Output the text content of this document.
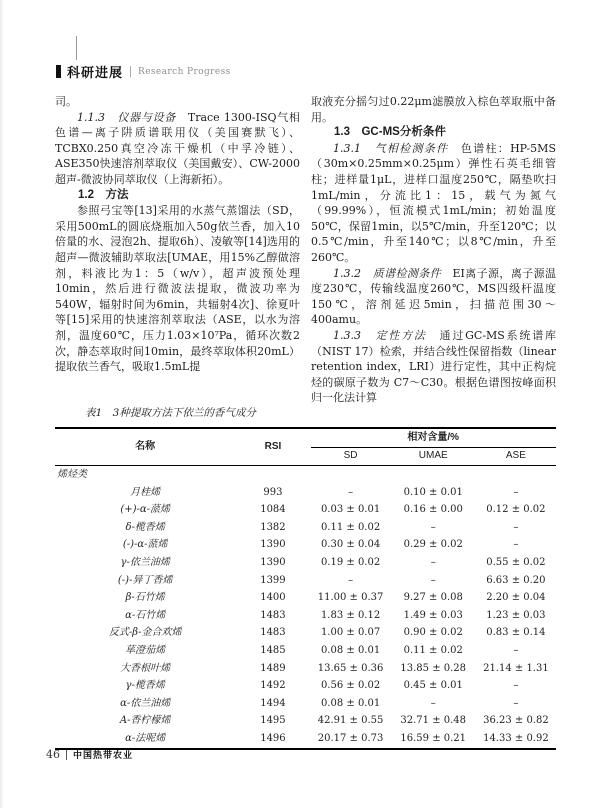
科研进展 Research Progress

司。

1.1.3　仪器与设备　Trace 1300-ISQ气相色谱—离子阱质谱联用仪（美国赛默飞）、TCBX0.250真空冷冻干燥机（中孚冷链）、ASE350快速溶剂萃取仪（美国戴安）、CW-2000超声-微波协同萃取仪（上海新拓）。

1.2　方法

参照弓宝等[13]采用的水蒸气蒸馏法（SD，采用500mL的圆底烧瓶加入50g依兰香，加入10倍量的水、浸泡2h、提取6h）、凌敏等[14]选用的超声—微波辅助萃取法[UMAE，用15%乙醇做溶剂，料液比为1：5（w/v），超声波预处理10min，然后进行微波法提取，微波功率为540W，辐射时间为6min，共辐射4次]、徐夏叶等[15]采用的快速溶剂萃取法（ASE，以水为溶剂，温度60℃，压力1.03×10⁷Pa，循环次数2次，静态萃取时间10min，最终萃取体积20mL）提取依兰香气，吸取1.5mL提

取液充分摇匀过0.22μm滤膜放入棕色萃取瓶中备用。

1.3　GC-MS分析条件

1.3.1　气相检测条件　色谱柱：HP-5MS（30m×0.25mm×0.25μm）弹性石英毛细管柱；进样量1μL，进样口温度250℃，隔垫吹扫1mL/min，分流比1：15，载气为氮气（99.99%），恒流模式1mL/min；初始温度50℃，保留1min，以5℃/min，升至120℃；以0.5℃/min，升至140℃；以8℃/min，升至260℃。

1.3.2　质谱检测条件　EI离子源，离子源温度230℃，传输线温度260℃，MS四级杆温度150℃，溶剂延迟5min，扫描范围30～400amu。

1.3.3　定性方法　通过GC-MS系统谱库（NIST 17）检索，并结合线性保留指数（linear retention index，LRI）进行定性，其中正构烷烃的碳原子数为 C7～C30。根据色谱图按峰面积归一化法计算

表1　3种提取方法下依兰的香气成分

名称	RSI	相对含量/%		
		SD	UMAE	ASE
烯烃类				
月桂烯	993	–	0.10 ± 0.01	–
(+)-α-蒎烯	1084	0.03 ± 0.01	0.16 ± 0.00	0.12 ± 0.02
δ-榄香烯	1382	0.11 ± 0.02	–	–
(-)-α-蒎烯	1390	0.30 ± 0.04	0.29 ± 0.02	–
γ-依兰油烯	1390	0.19 ± 0.02	–	0.55 ± 0.02
(-)-异丁香烯	1399	–	–	6.63 ± 0.20
β-石竹烯	1400	11.00 ± 0.37	9.27 ± 0.08	2.20 ± 0.04
α-石竹烯	1483	1.83 ± 0.12	1.49 ± 0.03	1.23 ± 0.03
反式-β-金合欢烯	1483	1.00 ± 0.07	0.90 ± 0.02	0.83 ± 0.14
荜澄茄烯	1485	0.08 ± 0.01	0.11 ± 0.02	–
大香根叶烯	1489	13.65 ± 0.36	13.85 ± 0.28	21.14 ± 1.31
γ-榄香烯	1492	0.56 ± 0.02	0.45 ± 0.01	–
α-依兰油烯	1494	0.08 ± 0.01	–	–
A-香柠檬烯	1495	42.91 ± 0.55	32.71 ± 0.48	36.23 ± 0.82
α-法呢烯	1496	20.17 ± 0.73	16.59 ± 0.21	14.33 ± 0.92
46 中国热带农业
